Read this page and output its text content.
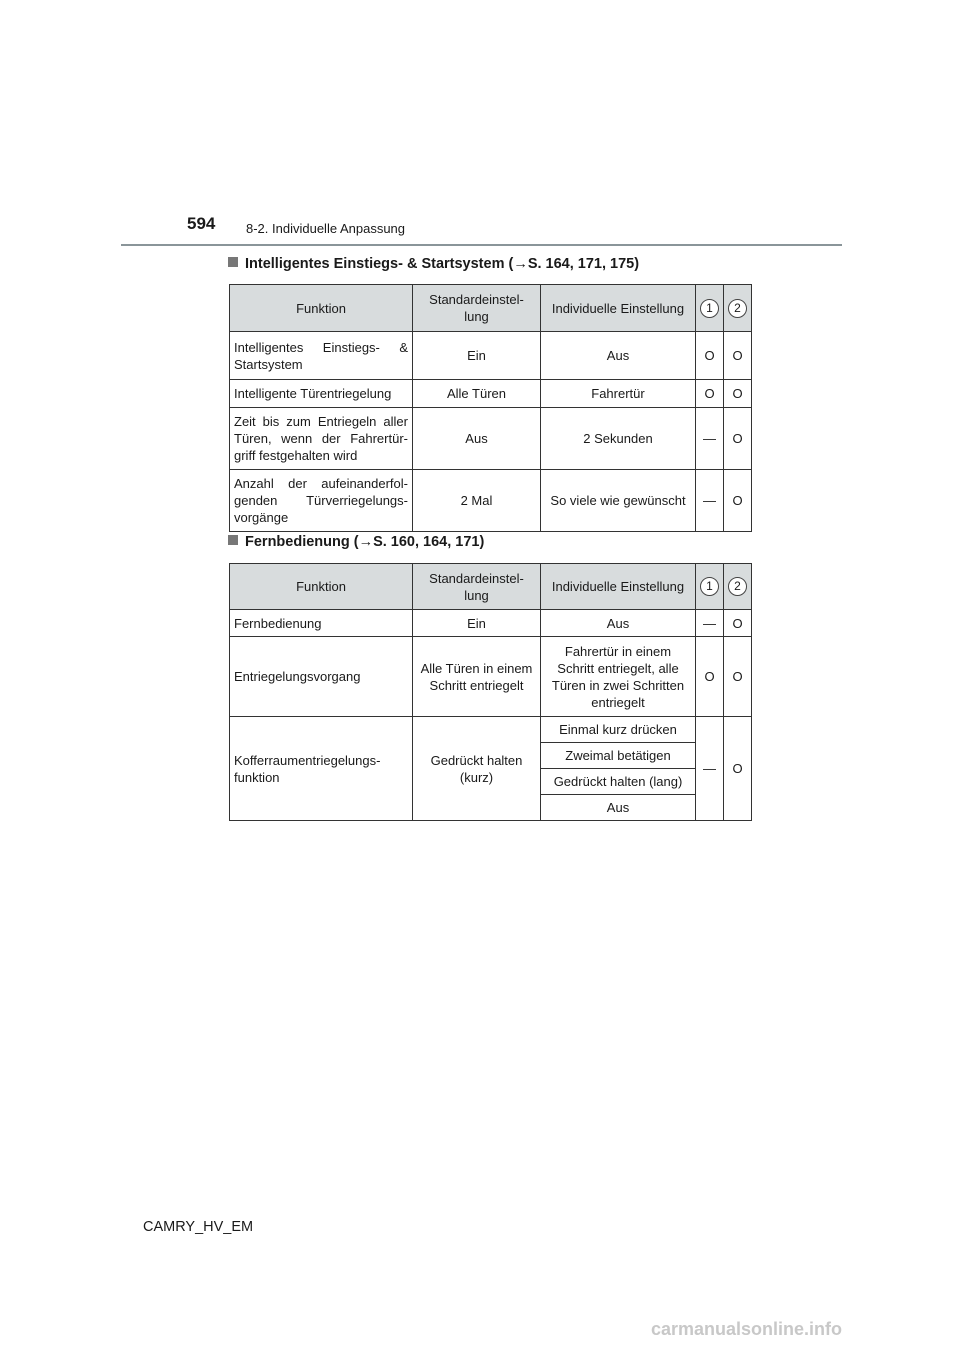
594 8-2. Individuelle Anpassung
Intelligentes Einstiegs- & Startsystem (→S. 164, 171, 175)
Funktion	Standardeinstel-lung	Individuelle Einstellung	1	2
Intelligentes Einstiegs- & Startsystem	Ein	Aus	O	O
Intelligente Türentriegelung	Alle Türen	Fahrertür	O	O
Zeit bis zum Entriegeln aller Türen, wenn der Fahrertür-griff festgehalten wird	Aus	2 Sekunden	—	O
Anzahl der aufeinanderfol-genden Türverriegelungs-vorgänge	2 Mal	So viele wie gewünscht	—	O
Fernbedienung (→S. 160, 164, 171)
Funktion	Standardeinstel-lung	Individuelle Einstellung	1	2
Fernbedienung	Ein	Aus	—	O
Entriegelungsvorgang	Alle Türen in einem Schritt entriegelt	Fahrertür in einem Schritt entriegelt, alle Türen in zwei Schritten entriegelt	O	O
Kofferraumentriegelungs-funktion	Gedrückt halten (kurz)	Einmal kurz drücken	—	O
		Zweimal betätigen		
		Gedrückt halten (lang)		
		Aus		
CAMRY_HV_EM
carmanualsonline.info
